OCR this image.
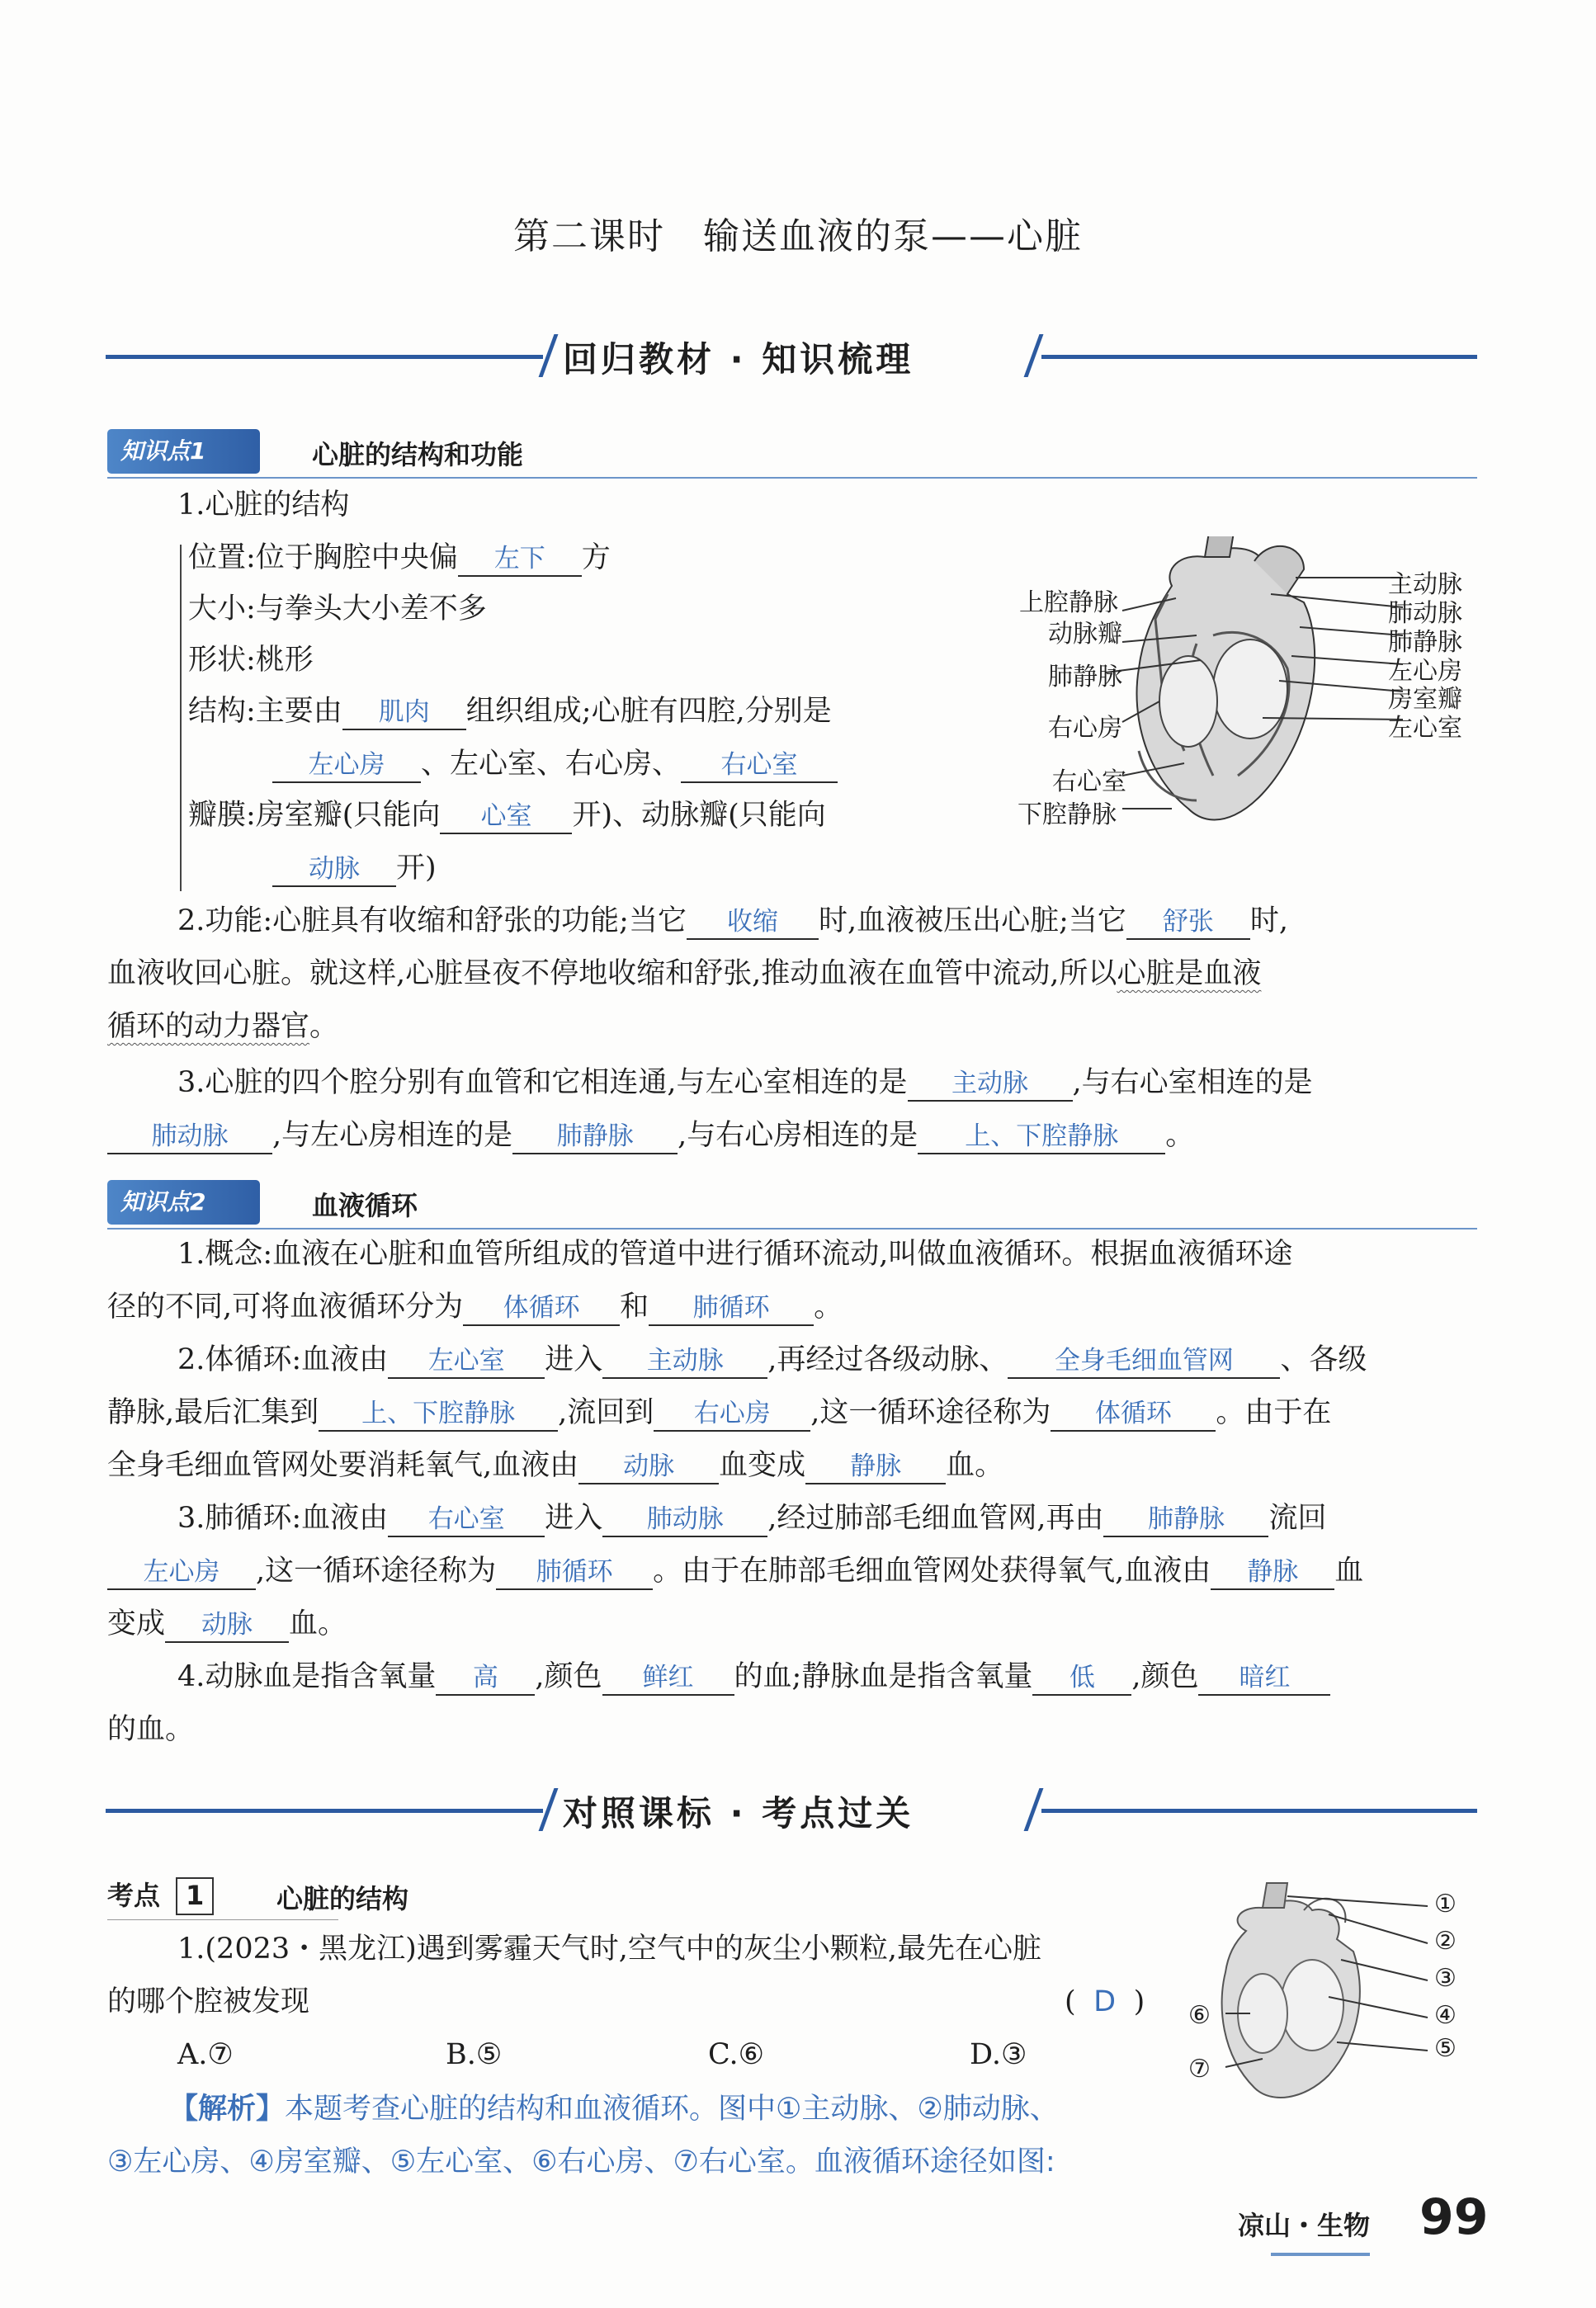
第二课时　输送血液的泵——心脏
回归教材 · 知识梳理
知识点1	心脏的结构和功能
1.心脏的结构
位置:位于胸腔中央偏 左下 方
大小:与拳头大小差不多
形状:桃形
结构:主要由 肌肉 组织组成;心脏有四腔,分别是
左心房 、左心室、右心房、 右心室
瓣膜:房室瓣(只能向 心室 开)、动脉瓣(只能向
动脉 开)
上腔静脉
动脉瓣
肺静脉
右心房
右心室
下腔静脉
主动脉
肺动脉
肺静脉
左心房
房室瓣
左心室
2.功能:心脏具有收缩和舒张的功能;当它 收缩 时,血液被压出心脏;当它 舒张 时,
血液收回心脏。就这样,心脏昼夜不停地收缩和舒张,推动血液在血管中流动,所以心脏是血液
循环的动力器官。
3.心脏的四个腔分别有血管和它相连通,与左心室相连的是 主动脉 ,与右心室相连的是
肺动脉 ,与左心房相连的是 肺静脉 ,与右心房相连的是 上、下腔静脉 。
知识点2	血液循环
1.概念:血液在心脏和血管所组成的管道中进行循环流动,叫做血液循环。根据血液循环途
径的不同,可将血液循环分为 体循环 和 肺循环 。
2.体循环:血液由 左心室 进入 主动脉 ,再经过各级动脉、 全身毛细血管网 、各级
静脉,最后汇集到 上、下腔静脉 ,流回到 右心房 ,这一循环途径称为 体循环 。由于在
全身毛细血管网处要消耗氧气,血液由 动脉 血变成 静脉 血。
3.肺循环:血液由 右心室 进入 肺动脉 ,经过肺部毛细血管网,再由 肺静脉 流回
左心房 ,这一循环途径称为 肺循环 。由于在肺部毛细血管网处获得氧气,血液由 静脉 血
变成 动脉 血。
4.动脉血是指含氧量 高 ,颜色 鲜红 的血;静脉血是指含氧量 低 ,颜色 暗红
的血。
对照课标 · 考点过关
考点 1	心脏的结构
1.(2023・黑龙江)遇到雾霾天气时,空气中的灰尘小颗粒,最先在心脏
的哪个腔被发现	( D )
A.⑦	B.⑤	C.⑥	D.③
【解析】本题考查心脏的结构和血液循环。图中①主动脉、②肺动脉、
③左心房、④房室瓣、⑤左心室、⑥右心房、⑦右心室。血液循环途径如图:
①
②
③
④
⑤
⑥
⑦
凉山・生物 99
